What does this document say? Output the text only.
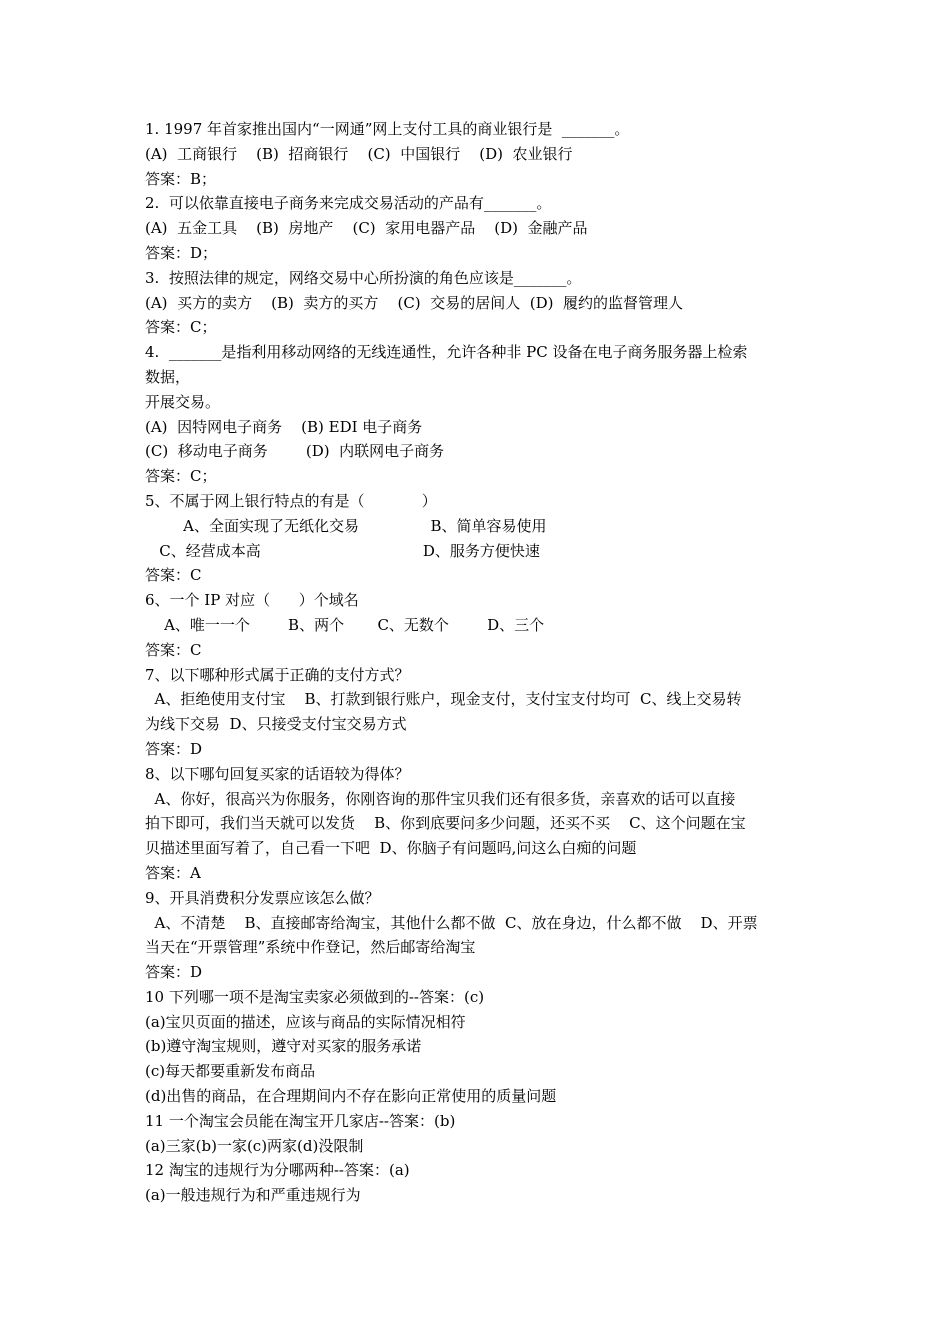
1. 1997 年首家推出国内“一网通”网上支付工具的商业银行是  _______。
(A)  工商银行    (B)  招商银行    (C)  中国银行    (D)  农业银行
答案：B；
2.  可以依靠直接电子商务来完成交易活动的产品有_______。
(A)  五金工具    (B)  房地产    (C)  家用电器产品    (D)  金融产品
答案：D；
3.  按照法律的规定，网络交易中心所扮演的角色应该是_______。
(A)  买方的卖方    (B)  卖方的买方    (C)  交易的居间人  (D)  履约的监督管理人
答案：C；
4.  _______是指利用移动网络的无线连通性，允许各种非 PC 设备在电子商务服务器上检索
数据，
开展交易。
(A)  因特网电子商务    (B) EDI 电子商务
(C)  移动电子商务        (D)  内联网电子商务
答案：C；
5、不属于网上银行特点的有是（            ）
A、全面实现了无纸化交易               B、简单容易使用
C、经营成本高                                  D、服务方便快速
答案：C
6、一个 IP 对应（      ）个域名
A、唯一一个        B、两个       C、无数个        D、三个
答案：C
7、以下哪种形式属于正确的支付方式？
A、拒绝使用支付宝    B、打款到银行账户，现金支付，支付宝支付均可  C、线上交易转
为线下交易  D、只接受支付宝交易方式
答案：D
8、以下哪句回复买家的话语较为得体？
A、你好，很高兴为你服务，你刚咨询的那件宝贝我们还有很多货，亲喜欢的话可以直接
拍下即可，我们当天就可以发货    B、你到底要问多少问题，还买不买    C、这个问题在宝
贝描述里面写着了，自己看一下吧  D、你脑子有问题吗,问这么白痴的问题
答案：A
9、开具消费积分发票应该怎么做？
A、不清楚    B、直接邮寄给淘宝，其他什么都不做  C、放在身边，什么都不做    D、开票
当天在“开票管理”系统中作登记，然后邮寄给淘宝
答案：D
10 下列哪一项不是淘宝卖家必须做到的--答案：(c)
(a)宝贝页面的描述，应该与商品的实际情况相符
(b)遵守淘宝规则，遵守对买家的服务承诺
(c)每天都要重新发布商品
(d)出售的商品，在合理期间内不存在影向正常使用的质量问题
11 一个淘宝会员能在淘宝开几家店--答案：(b)
(a)三家(b)一家(c)两家(d)没限制
12 淘宝的违规行为分哪两种--答案：(a)
(a)一般违规行为和严重违规行为
